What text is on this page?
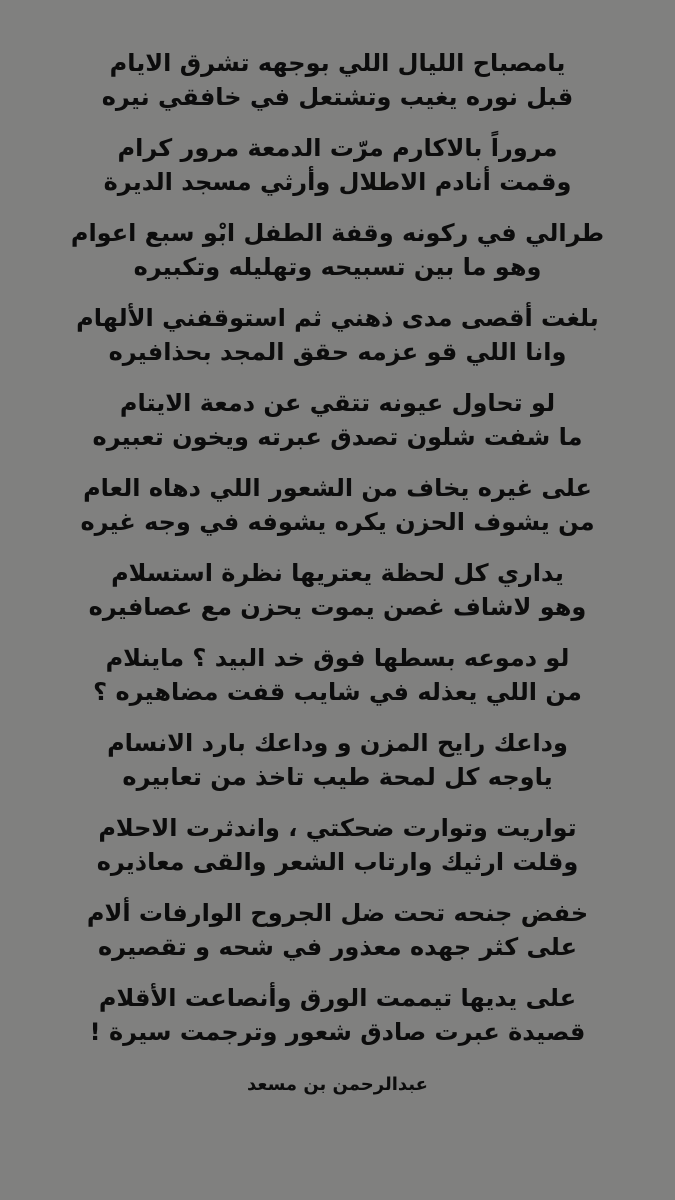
يامصباح الليال اللي بوجهه تشرق الايام
قبل نوره يغيب وتشتعل في خافقي نيره
مروراً بالاكارم مرّت الدمعة مرور كرام
وقمت أنادم الاطلال وأرثي مسجد الديرة
طرالي في ركونه وقفة الطفل ابْو سبع اعوام
وهو ما بين تسبيحه وتهليله وتكبيره
بلغت أقصى مدى ذهني ثم استوقفني الألهام
وانا اللي قو عزمه حقق المجد بحذافيره
لو تحاول عيونه تتقي عن دمعة الايتام
ما شفت شلون تصدق عبرته ويخون تعبيره
على غيره يخاف من الشعور اللي دهاه العام
من يشوف الحزن يكره يشوفه في وجه غيره
يداري كل لحظة يعتريها نظرة استسلام
وهو لاشاف غصن يموت يحزن مع عصافيره
لو دموعه بسطها فوق خد البيد ؟ ماينلام
من اللي يعذله في شايب قفت مضاهيره ؟
وداعك رايح المزن و وداعك بارد الانسام
ياوجه كل لمحة طيب تاخذ من تعابيره
تواريت وتوارت ضحكتي ، واندثرت الاحلام
وقلت ارثيك وارتاب الشعر والقى معاذيره
خفض جنحه تحت ضل الجروح الوارفات ألام
على كثر جهده معذور في شحه و تقصيره
على يديها تيممت الورق وأنصاعت الأقلام
قصيدة عبرت صادق شعور وترجمت سيرة !
عبدالرحمن بن مسعد
